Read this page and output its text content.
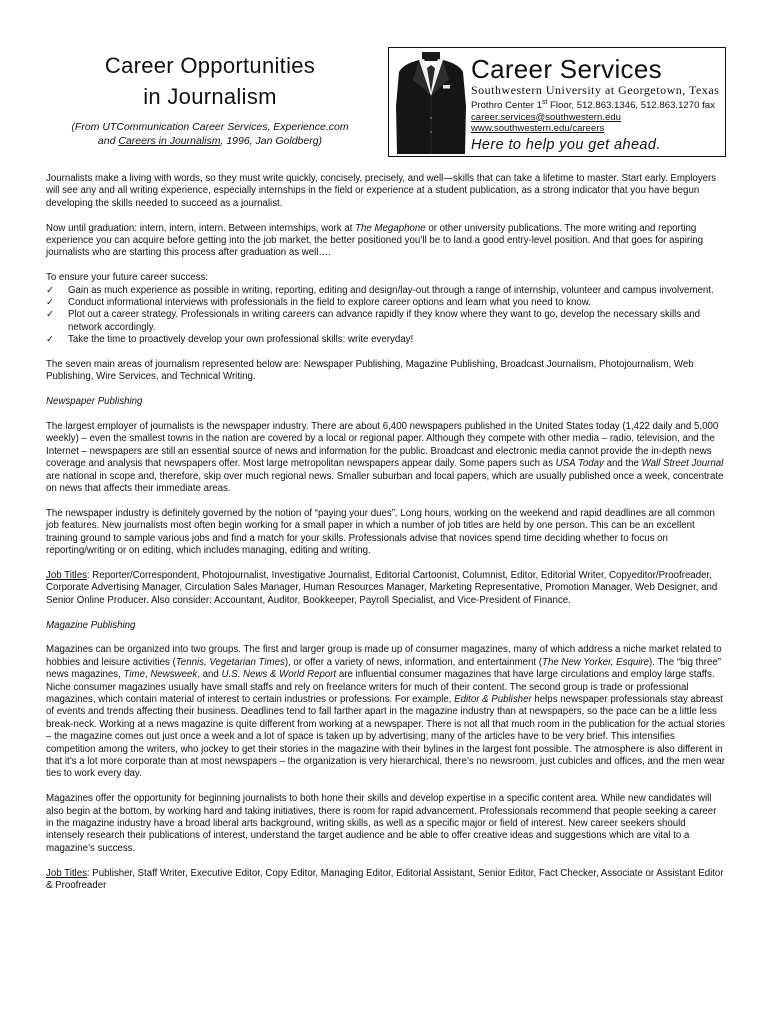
Career Opportunities
in Journalism
(From UTCommunication Career Services, Experience.com
and Careers in Journalism, 1996, Jan Goldberg)
Career Services
Southwestern University at Georgetown, Texas
Prothro Center 1st Floor, 512.863.1346, 512.863.1270 fax
career.services@southwestern.edu
www.southwestern.edu/careers
Here to help you get ahead.

Journalists make a living with words, so they must write quickly, concisely, precisely, and well—skills that can take a lifetime to master. Start early. Employers will see any and all writing experience, especially internships in the field or experience at a student publication, as a strong indicator that you have begun developing the skills needed to succeed as a journalist.

Now until graduation: intern, intern, intern. Between internships, work at The Megaphone or other university publications. The more writing and reporting experience you can acquire before getting into the job market, the better positioned you’ll be to land a good entry-level position. And that goes for aspiring journalists who are starting this process after graduation as well….

To ensure your future career success:

✓ Gain as much experience as possible in writing, reporting, editing and design/lay-out through a range of internship, volunteer and campus involvement.
✓ Conduct informational interviews with professionals in the field to explore career options and learn what you need to know.
✓ Plot out a career strategy. Professionals in writing careers can advance rapidly if they know where they want to go, develop the necessary skills and network accordingly.
✓ Take the time to proactively develop your own professional skills: write everyday!

The seven main areas of journalism represented below are: Newspaper Publishing, Magazine Publishing, Broadcast Journalism, Photojournalism, Web Publishing, Wire Services, and Technical Writing.

Newspaper Publishing

The largest employer of journalists is the newspaper industry. There are about 6,400 newspapers published in the United States today (1,422 daily and 5,000 weekly) – even the smallest towns in the nation are covered by a local or regional paper. Although they compete with other media – radio, television, and the Internet – newspapers are still an essential source of news and information for the public. Broadcast and electronic media cannot provide the in-depth news coverage and analysis that newspapers offer. Most large metropolitan newspapers appear daily. Some papers such as USA Today and the Wall Street Journal are national in scope and, therefore, skip over much regional news. Smaller suburban and local papers, which are usually published once a week, concentrate on news that affects their immediate areas.

The newspaper industry is definitely governed by the notion of “paying your dues”. Long hours, working on the weekend and rapid deadlines are all common job features. New journalists most often begin working for a small paper in which a number of job titles are held by one person. This can be an excellent training ground to sample various jobs and find a match for your skills. Professionals advise that novices spend time deciding whether to focus on reporting/writing or on editing, which includes managing, editing and writing.

Job Titles: Reporter/Correspondent, Photojournalist, Investigative Journalist, Editorial Cartoonist, Columnist, Editor, Editorial Writer, Copyeditor/Proofreader, Corporate Advertising Manager, Circulation Sales Manager, Human Resources Manager, Marketing Representative, Promotion Manager, Web Designer, and Senior Online Producer. Also consider: Accountant, Auditor, Bookkeeper, Payroll Specialist, and Vice-President of Finance.

Magazine Publishing

Magazines can be organized into two groups. The first and larger group is made up of consumer magazines, many of which address a niche market related to hobbies and leisure activities (Tennis, Vegetarian Times), or offer a variety of news, information, and entertainment (The New Yorker, Esquire). The “big three” news magazines, Time, Newsweek, and U.S. News & World Report are influential consumer magazines that have large circulations and employ large staffs. Niche consumer magazines usually have small staffs and rely on freelance writers for much of their content. The second group is trade or professional magazines, which contain material of interest to certain industries or professions. For example, Editor & Publisher helps newspaper professionals stay abreast of events and trends affecting their business. Deadlines tend to fall farther apart in the magazine industry than at newspapers, so the pace can be a little less break-neck. Working at a news magazine is quite different from working at a newspaper. There is not all that much room in the publication for the actual stories – the magazine comes out just once a week and a lot of space is taken up by advertising; many of the articles have to be very brief. This intensifies competition among the writers, who jockey to get their stories in the magazine with their bylines in the largest font possible. The atmosphere is also different in that it’s a lot more corporate than at most newspapers – the organization is very hierarchical, there’s no newsroom, just cubicles and offices, and the men wear ties to work every day.

Magazines offer the opportunity for beginning journalists to both hone their skills and develop expertise in a specific content area. While new candidates will also begin at the bottom, by working hard and taking initiatives, there is room for rapid advancement. Professionals recommend that people seeking a career in the magazine industry have a broad liberal arts background, writing skills, as well as a specific major or field of interest. New career seekers should intensely research their publications of interest, understand the target audience and be able to offer creative ideas and suggestions which are vital to a magazine’s success.

Job Titles: Publisher, Staff Writer, Executive Editor, Copy Editor, Managing Editor, Editorial Assistant, Senior Editor, Fact Checker, Associate or Assistant Editor & Proofreader
